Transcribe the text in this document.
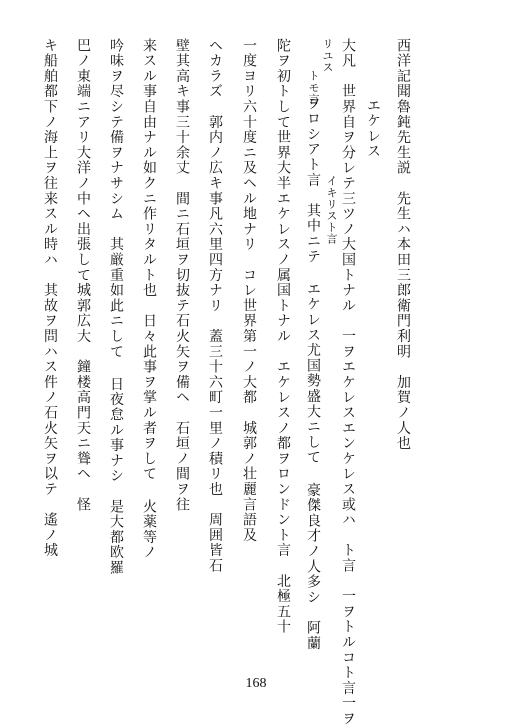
西洋記聞魯鈍先生説　先生ハ本田三郎衛門利明　加賀ノ人也
エケレス
大凡　世界自ヲ分レテ三ツノ大国トナル　一ヲエケレスエンケレス或ハ　ト言　一ヲトルコト言一ヲ
イキリスト言
リユス
トモ言
ヲロシアト言　其中ニテ エケレス尤国勢盛大ニして 豪傑良才ノ人多シ　阿蘭
陀ヲ初トして世界大半エケレスノ属国トナル　エケレスノ都ヲロンドント言　北極五十
一度ヨリ六十度ニ及ヘル地ナリ　コレ世界第一ノ大都　城郭ノ壮麗言語及
ヘカラズ　郭内ノ広キ事凡六里四方ナリ　蓋三十六町一里ノ積リ也　周囲皆石
壁其高キ事三十余丈　間ニ石垣ヲ切抜テ石火矢ヲ備ヘ　石垣ノ間ヲ往
来スル事自由ナル如クニ作リタルト也　日々此事ヲ掌ル者ヲして 火薬等ノ
吟味ヲ尽シテ備ヲナサシム　其厳重如此ニして 日夜怠ル事ナシ　是大都欧羅
巴ノ東端ニアリ大洋ノ中ヘ出張して城郭広大　鐘楼高門天ニ聳ヘ　怪
キ船舶都下ノ海上ヲ往来スル時ハ　其故ヲ問ハス件ノ石火矢ヲ以テ　遙ノ城
168
